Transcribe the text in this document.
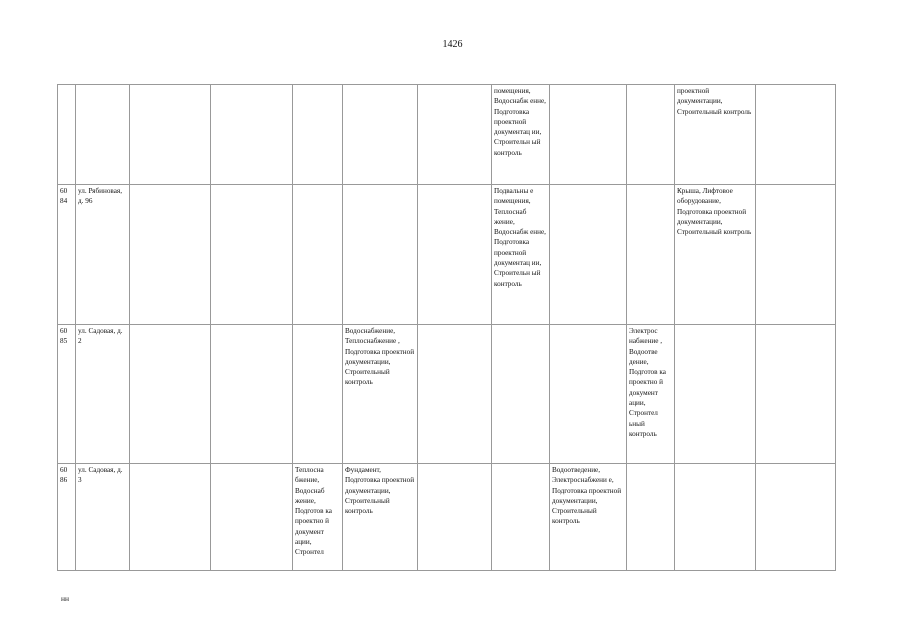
1426
							помещения, Водоснабж енне, Подготовка проектной документац ии, Строительн ый контроль			проектной документации, Строительный контроль	
60 84	ул. Рябиновая, д. 96						Подвальны е помещения, Теплоснаб жение, Водоснабж енне, Подготовка проектной документац ии, Строительн ый контроль			Крыша, Лифтовое оборудование, Подготовка проектной документации, Строительный контроль	
60 85	ул. Садовая, д. 2				Водоснабжение, Теплоснабжение , Подготовка проектной документации, Строительный контроль				Электрос набжение , Водоотве дение, Подготов ка проектно й документ ации, Стронтел ьный контроль		
60 86	ул. Садовая, д. 3			Теплосна бжение, Водоснаб жение, Подготов ка проектно й документ ации, Стронтел	Фундамент, Подготовка проектной документации, Строительный контроль			Водоотведение, Электроснабжени е, Подготовка проектной документации, Строительный контроль			
нн
